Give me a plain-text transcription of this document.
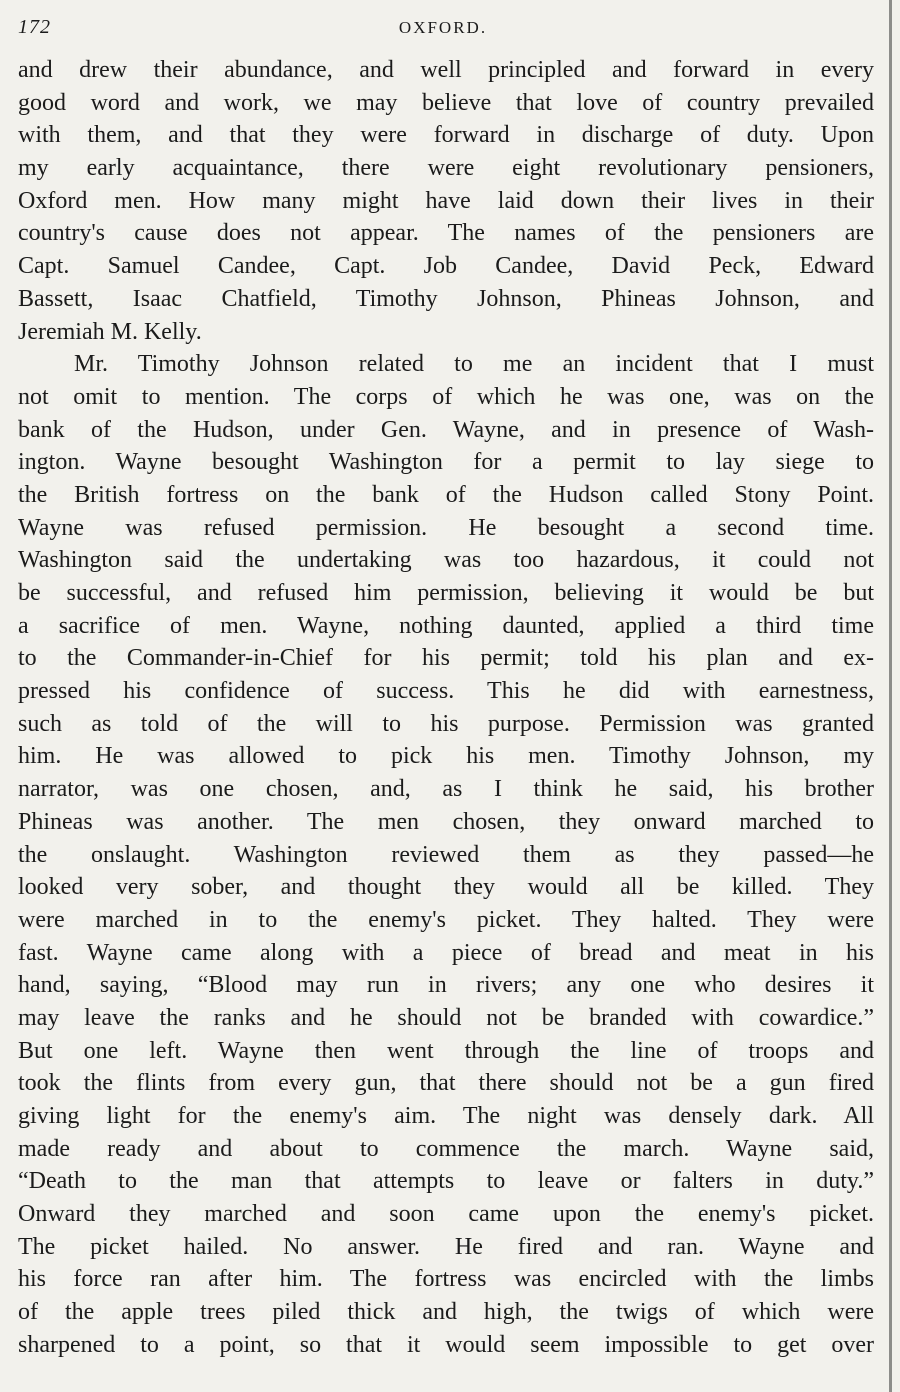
172	OXFORD.
and drew their abundance, and well principled and forward in every
good word and work, we may believe that love of country prevailed
with them, and that they were forward in discharge of duty. Upon
my early acquaintance, there were eight revolutionary pensioners,
Oxford men. How many might have laid down their lives in their
country's cause does not appear. The names of the pensioners are
Capt. Samuel Candee, Capt. Job Candee, David Peck, Edward
Bassett, Isaac Chatfield, Timothy Johnson, Phineas Johnson, and
Jeremiah M. Kelly.
Mr. Timothy Johnson related to me an incident that I must
not omit to mention. The corps of which he was one, was on the
bank of the Hudson, under Gen. Wayne, and in presence of Wash-
ington. Wayne besought Washington for a permit to lay siege to
the British fortress on the bank of the Hudson called Stony Point.
Wayne was refused permission. He besought a second time.
Washington said the undertaking was too hazardous, it could not
be successful, and refused him permission, believing it would be but
a sacrifice of men. Wayne, nothing daunted, applied a third time
to the Commander-in-Chief for his permit; told his plan and ex-
pressed his confidence of success. This he did with earnestness,
such as told of the will to his purpose. Permission was granted
him. He was allowed to pick his men. Timothy Johnson, my
narrator, was one chosen, and, as I think he said, his brother
Phineas was another. The men chosen, they onward marched to
the onslaught. Washington reviewed them as they passed—he
looked very sober, and thought they would all be killed. They
were marched in to the enemy's picket. They halted. They were
fast. Wayne came along with a piece of bread and meat in his
hand, saying, “Blood may run in rivers; any one who desires it
may leave the ranks and he should not be branded with cowardice.”
But one left. Wayne then went through the line of troops and
took the flints from every gun, that there should not be a gun fired
giving light for the enemy's aim. The night was densely dark. All
made ready and about to commence the march. Wayne said,
“Death to the man that attempts to leave or falters in duty.”
Onward they marched and soon came upon the enemy's picket.
The picket hailed. No answer. He fired and ran. Wayne and
his force ran after him. The fortress was encircled with the limbs
of the apple trees piled thick and high, the twigs of which were
sharpened to a point, so that it would seem impossible to get over
